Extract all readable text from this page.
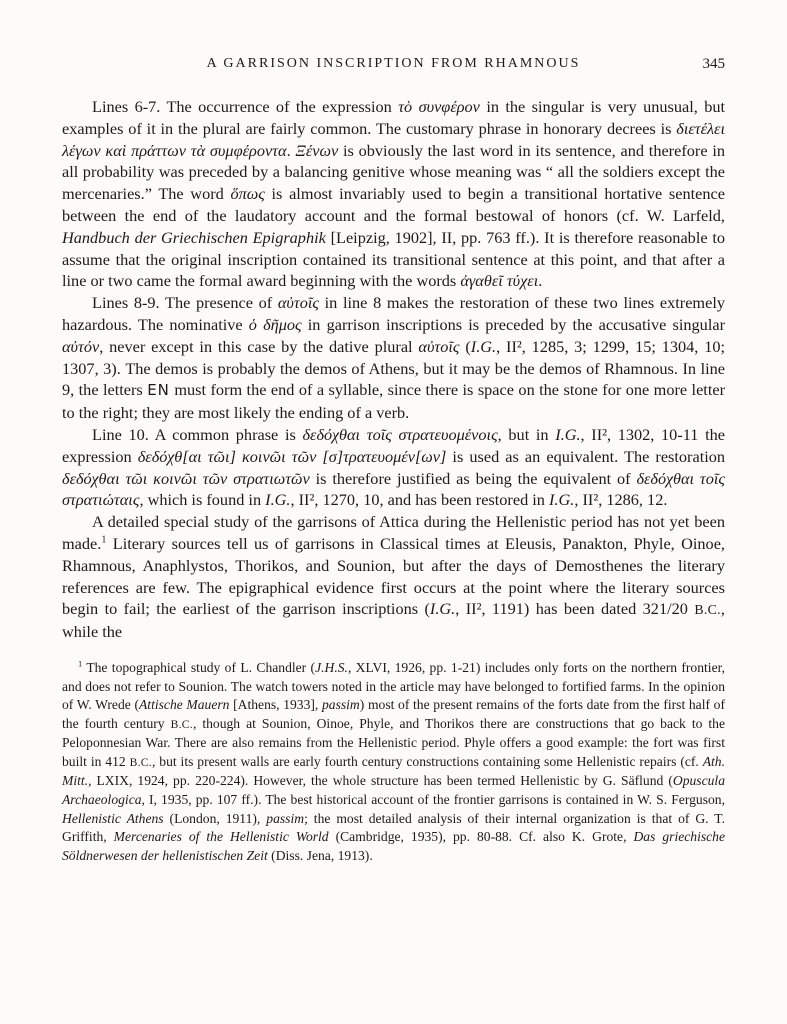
A GARRISON INSCRIPTION FROM RHAMNOUS	345

Lines 6-7. The occurrence of the expression τὸ συνφέρον in the singular is very unusual, but examples of it in the plural are fairly common. The customary phrase in honorary decrees is διετέλει λέγων καὶ πράττων τὰ συμφέροντα. Ξένων is obviously the last word in its sentence, and therefore in all probability was preceded by a balancing genitive whose meaning was “ all the soldiers except the mercenaries.” The word ὅπως is almost invariably used to begin a transitional hortative sentence between the end of the laudatory account and the formal bestowal of honors (cf. W. Larfeld, Handbuch der Griechischen Epigraphik [Leipzig, 1902], II, pp. 763 ff.). It is therefore reasonable to assume that the original inscription contained its transitional sentence at this point, and that after a line or two came the formal award beginning with the words ἀγαθεῖ τύχει.

Lines 8-9. The presence of αὐτοῖς in line 8 makes the restoration of these two lines extremely hazardous. The nominative ὁ δῆμος in garrison inscriptions is preceded by the accusative singular αὐτόν, never except in this case by the dative plural αὐτοῖς (I.G., II², 1285, 3; 1299, 15; 1304, 10; 1307, 3). The demos is probably the demos of Athens, but it may be the demos of Rhamnous. In line 9, the letters ΕΝ must form the end of a syllable, since there is space on the stone for one more letter to the right; they are most likely the ending of a verb.

Line 10. A common phrase is δεδόχθαι τοῖς στρατευομένοις, but in I.G., II², 1302, 10-11 the expression δεδόχθ[αι τῶι] κοινῶι τῶν [σ]τρατευομέν[ων] is used as an equivalent. The restoration δεδόχθαι τῶι κοινῶι τῶν στρατιωτῶν is therefore justified as being the equivalent of δεδόχθαι τοῖς στρατιώταις, which is found in I.G., II², 1270, 10, and has been restored in I.G., II², 1286, 12.

A detailed special study of the garrisons of Attica during the Hellenistic period has not yet been made.$^1$ Literary sources tell us of garrisons in Classical times at Eleusis, Panakton, Phyle, Oinoe, Rhamnous, Anaphlystos, Thorikos, and Sounion, but after the days of Demosthenes the literary references are few. The epigraphical evidence first occurs at the point where the literary sources begin to fail; the earliest of the garrison inscriptions (I.G., II², 1191) has been dated 321/20 B.C., while the

$^1$ The topographical study of L. Chandler (J.H.S., XLVI, 1926, pp. 1-21) includes only forts on the northern frontier, and does not refer to Sounion. The watch towers noted in the article may have belonged to fortified farms. In the opinion of W. Wrede (Attische Mauern [Athens, 1933], passim) most of the present remains of the forts date from the first half of the fourth century B.C., though at Sounion, Oinoe, Phyle, and Thorikos there are constructions that go back to the Peloponnesian War. There are also remains from the Hellenistic period. Phyle offers a good example: the fort was first built in 412 B.C., but its present walls are early fourth century constructions containing some Hellenistic repairs (cf. Ath. Mitt., LXIX, 1924, pp. 220-224). However, the whole structure has been termed Hellenistic by G. Säflund (Opuscula Archaeologica, I, 1935, pp. 107 ff.). The best historical account of the frontier garrisons is contained in W. S. Ferguson, Hellenistic Athens (London, 1911), passim; the most detailed analysis of their internal organization is that of G. T. Griffith, Mercenaries of the Hellenistic World (Cambridge, 1935), pp. 80-88. Cf. also K. Grote, Das griechische Söldnerwesen der hellenistischen Zeit (Diss. Jena, 1913).
